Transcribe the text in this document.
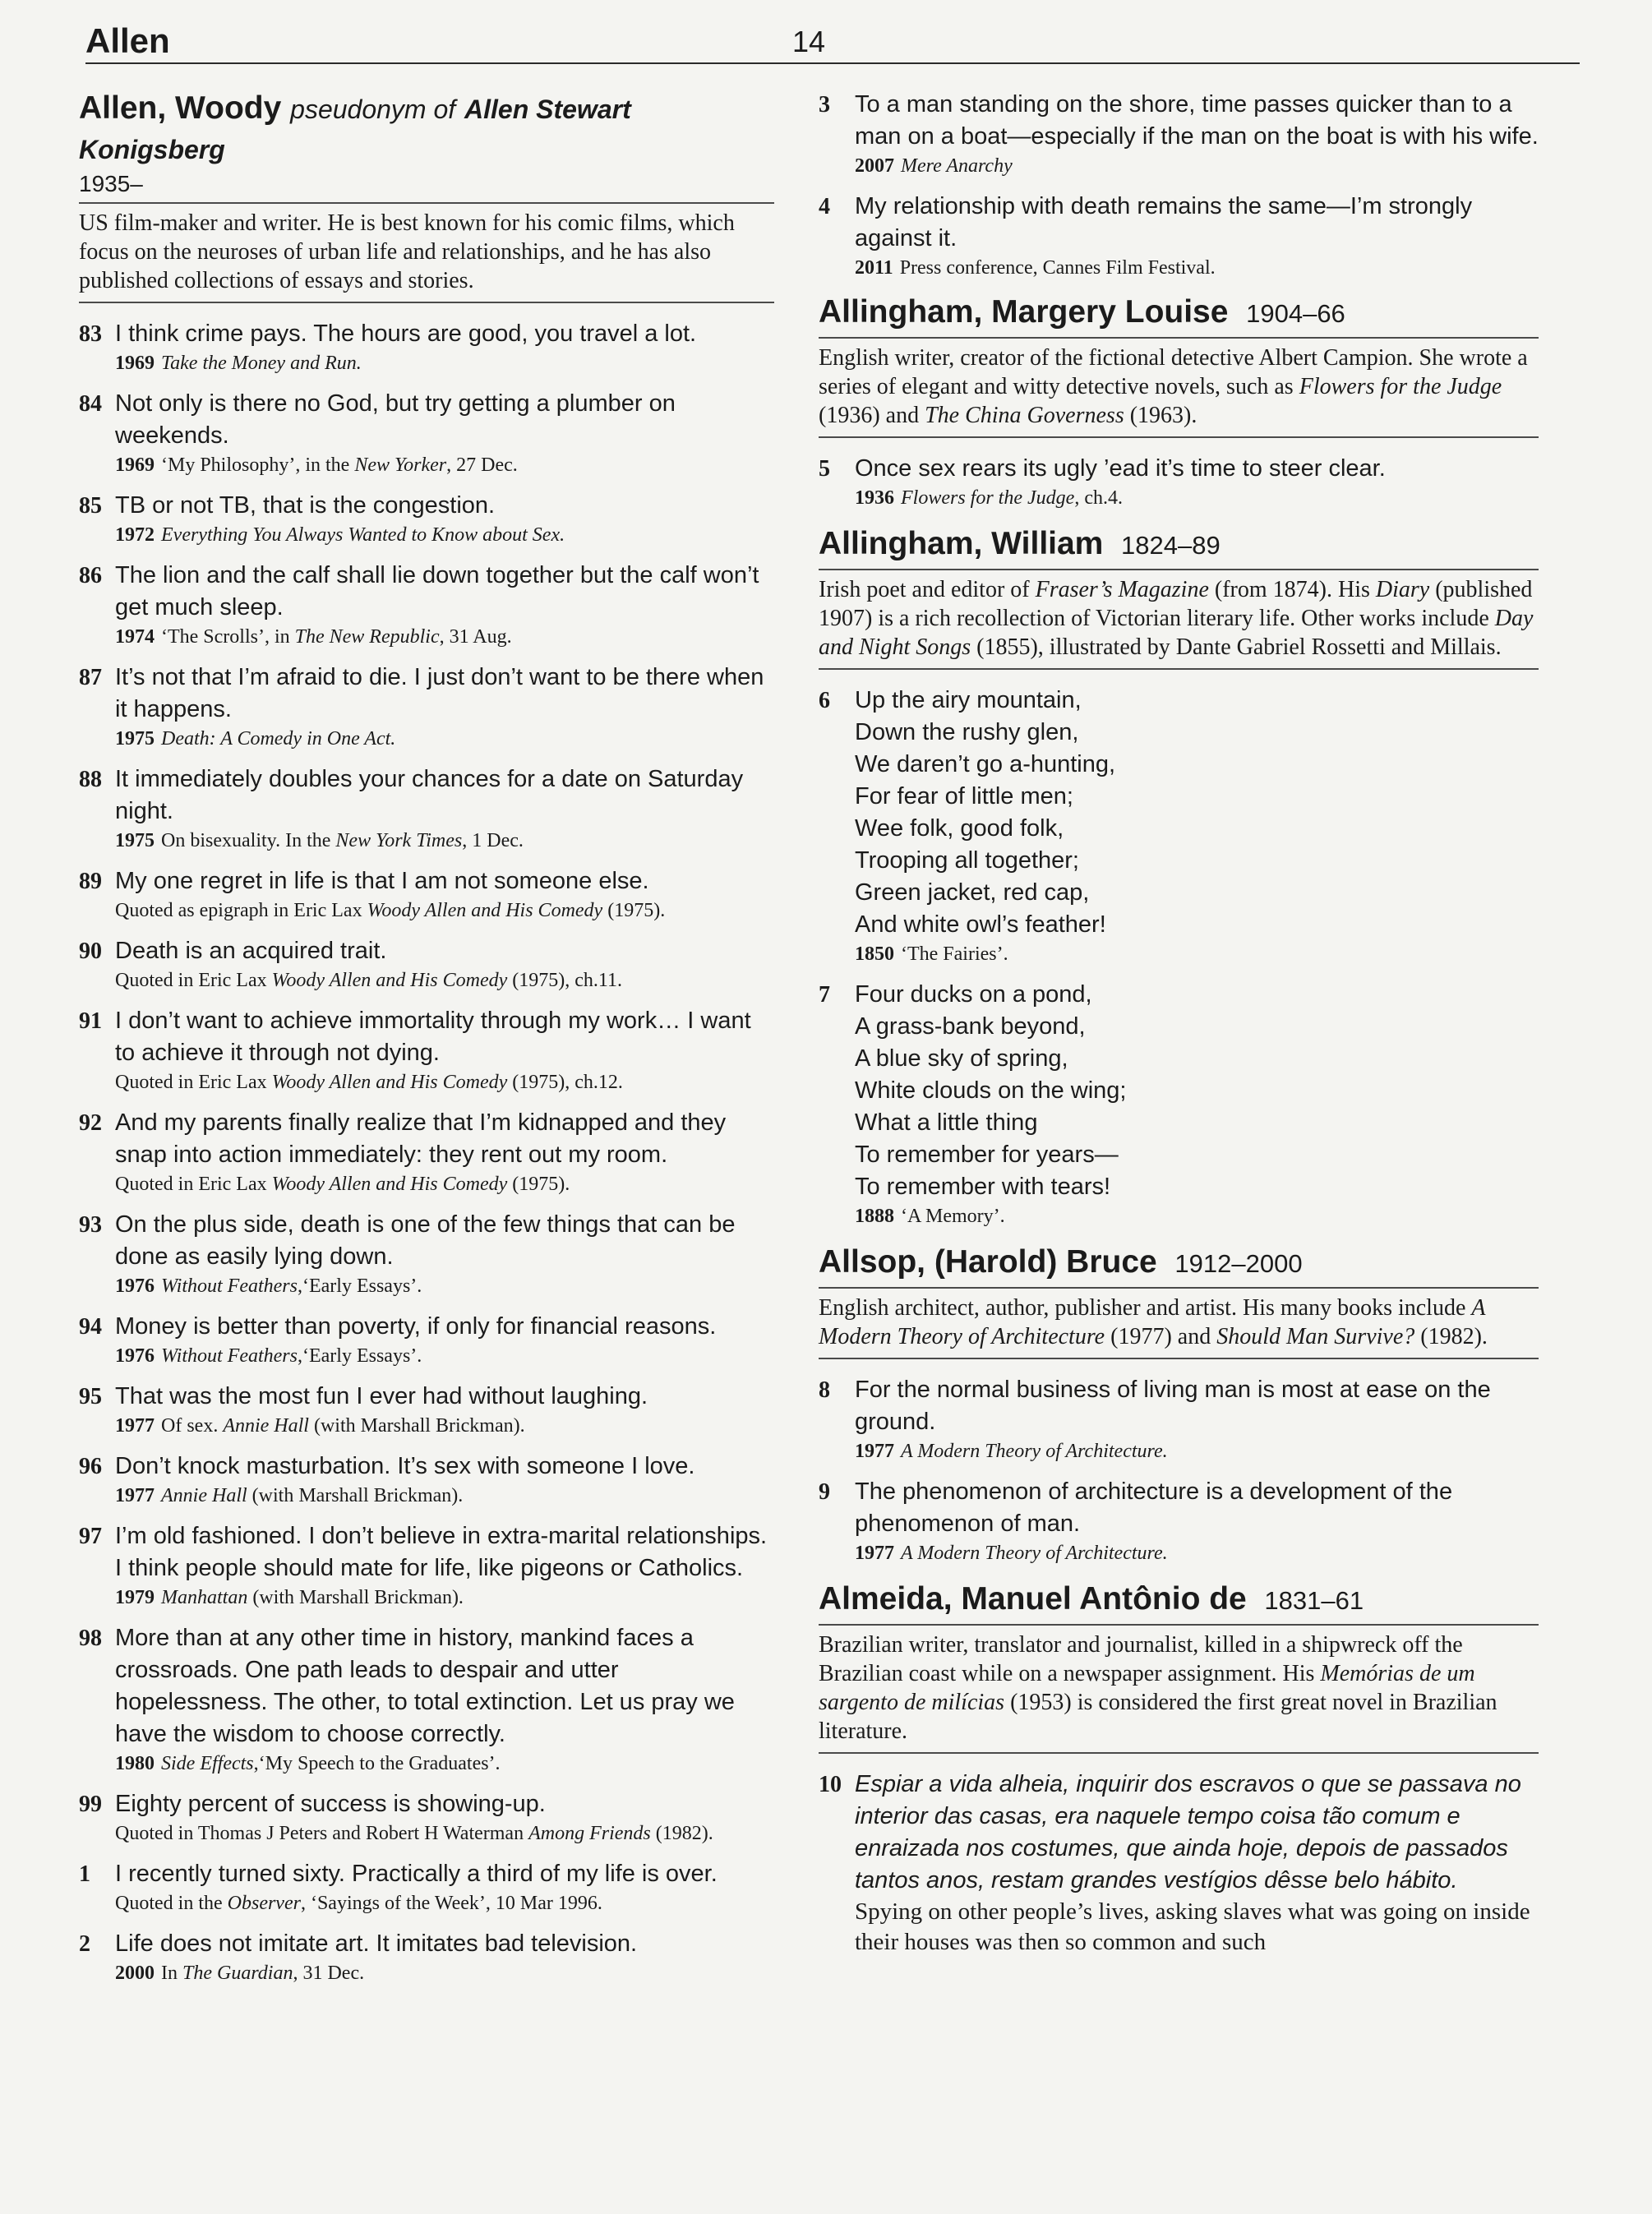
Allen	14
Allen, Woody pseudonym of Allen Stewart Konigsberg
1935–
US film-maker and writer. He is best known for his comic films, which focus on the neuroses of urban life and relationships, and he has also published collections of essays and stories.
83 I think crime pays. The hours are good, you travel a lot.
1969 Take the Money and Run.
84 Not only is there no God, but try getting a plumber on weekends.
1969 ‘My Philosophy’, in the New Yorker, 27 Dec.
85 TB or not TB, that is the congestion.
1972 Everything You Always Wanted to Know about Sex.
86 The lion and the calf shall lie down together but the calf won’t get much sleep.
1974 ‘The Scrolls’, in The New Republic, 31 Aug.
87 It’s not that I’m afraid to die. I just don’t want to be there when it happens.
1975 Death: A Comedy in One Act.
88 It immediately doubles your chances for a date on Saturday night.
1975 On bisexuality. In the New York Times, 1 Dec.
89 My one regret in life is that I am not someone else.
Quoted as epigraph in Eric Lax Woody Allen and His Comedy (1975).
90 Death is an acquired trait.
Quoted in Eric Lax Woody Allen and His Comedy (1975), ch.11.
91 I don’t want to achieve immortality through my work… I want to achieve it through not dying.
Quoted in Eric Lax Woody Allen and His Comedy (1975), ch.12.
92 And my parents finally realize that I’m kidnapped and they snap into action immediately: they rent out my room.
Quoted in Eric Lax Woody Allen and His Comedy (1975).
93 On the plus side, death is one of the few things that can be done as easily lying down.
1976 Without Feathers,‘Early Essays’.
94 Money is better than poverty, if only for financial reasons.
1976 Without Feathers,‘Early Essays’.
95 That was the most fun I ever had without laughing.
1977 Of sex. Annie Hall (with Marshall Brickman).
96 Don’t knock masturbation. It’s sex with someone I love.
1977 Annie Hall (with Marshall Brickman).
97 I’m old fashioned. I don’t believe in extra-marital relationships. I think people should mate for life, like pigeons or Catholics.
1979 Manhattan (with Marshall Brickman).
98 More than at any other time in history, mankind faces a crossroads. One path leads to despair and utter hopelessness. The other, to total extinction. Let us pray we have the wisdom to choose correctly.
1980 Side Effects,‘My Speech to the Graduates’.
99 Eighty percent of success is showing-up.
Quoted in Thomas J Peters and Robert H Waterman Among Friends (1982).
1	I recently turned sixty. Practically a third of my life is over.
Quoted in the Observer, ‘Sayings of the Week’, 10 Mar 1996.
2	Life does not imitate art. It imitates bad television.
2000 In The Guardian, 31 Dec.
3	To a man standing on the shore, time passes quicker than to a man on a boat—especially if the man on the boat is with his wife.
2007 Mere Anarchy
4	My relationship with death remains the same—I’m strongly against it.
2011 Press conference, Cannes Film Festival.
Allingham, Margery Louise 1904–66
English writer, creator of the fictional detective Albert Campion. She wrote a series of elegant and witty detective novels, such as Flowers for the Judge (1936) and The China Governess (1963).
5	Once sex rears its ugly ’ead it’s time to steer clear.
1936 Flowers for the Judge, ch.4.
Allingham, William 1824–89
Irish poet and editor of Fraser’s Magazine (from 1874). His Diary (published 1907) is a rich recollection of Victorian literary life. Other works include Day and Night Songs (1855), illustrated by Dante Gabriel Rossetti and Millais.
6	Up the airy mountain,
Down the rushy glen,
We daren’t go a-hunting,
For fear of little men;
Wee folk, good folk,
Trooping all together;
Green jacket, red cap,
And white owl’s feather!
1850 ‘The Fairies’.
7	Four ducks on a pond,
A grass-bank beyond,
A blue sky of spring,
White clouds on the wing;
What a little thing
To remember for years—
To remember with tears!
1888 ‘A Memory’.
Allsop, (Harold) Bruce 1912–2000
English architect, author, publisher and artist. His many books include A Modern Theory of Architecture (1977) and Should Man Survive? (1982).
8	For the normal business of living man is most at ease on the ground.
1977 A Modern Theory of Architecture.
9	The phenomenon of architecture is a development of the phenomenon of man.
1977 A Modern Theory of Architecture.
Almeida, Manuel Antônio de 1831–61
Brazilian writer, translator and journalist, killed in a shipwreck off the Brazilian coast while on a newspaper assignment. His Memórias de um sargento de milícias (1953) is considered the first great novel in Brazilian literature.
10 Espiar a vida alheia, inquirir dos escravos o que se passava no interior das casas, era naquele tempo coisa tão comum e enraizada nos costumes, que ainda hoje, depois de passados tantos anos, restam grandes vestígios dêsse belo hábito.
Spying on other people’s lives, asking slaves what was going on inside their houses was then so common and such
